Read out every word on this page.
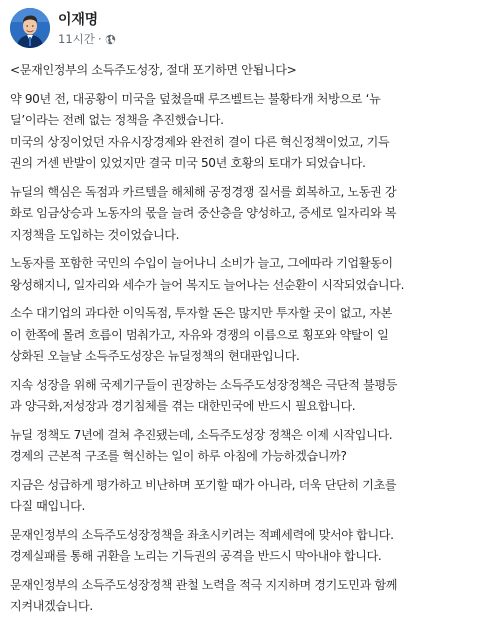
이재명
11시간 ·

<문재인정부의 소득주도성장, 절대 포기하면 안됩니다>

약 90년 전, 대공황이 미국을 덮쳤을때 루즈벨트는 불황타개 처방으로 ‘뉴
딜’이라는 전례 없는 정책을 추진했습니다.
미국의 상징이었던 자유시장경제와 완전히 결이 다른 혁신정책이었고, 기득
권의 거센 반발이 있었지만 결국 미국 50년 호황의 토대가 되었습니다.

뉴딜의 핵심은 독점과 카르텔을 해체해 공정경쟁 질서를 회복하고, 노동권 강
화로 임금상승과 노동자의 몫을 늘려 중산층을 양성하고, 증세로 일자리와 복
지정책을 도입하는 것이었습니다.

노동자를 포함한 국민의 수입이 늘어나니 소비가 늘고, 그에따라 기업활동이
왕성해지니, 일자리와 세수가 늘어 복지도 늘어나는 선순환이 시작되었습니다.

소수 대기업의 과다한 이익독점, 투자할 돈은 많지만 투자할 곳이 없고, 자본
이 한쪽에 몰려 흐름이 멈춰가고, 자유와 경쟁의 이름으로 횡포와 약탈이 일
상화된 오늘날 소득주도성장은 뉴딜정책의 현대판입니다.

지속 성장을 위해 국제기구들이 권장하는 소득주도성장정책은 극단적 불평등
과 양극화,저성장과 경기침체를 겪는 대한민국에 반드시 필요합니다.

뉴딜 정책도 7년에 걸쳐 추진됐는데, 소득주도성장 정책은 이제 시작입니다.
경제의 근본적 구조를 혁신하는 일이 하루 아침에 가능하겠습니까?

지금은 성급하게 평가하고 비난하며 포기할 때가 아니라, 더욱 단단히 기초를
다질 때입니다.

문재인정부의 소득주도성장정책을 좌초시키려는 적폐세력에 맞서야 합니다.
경제실패를 통해 귀환을 노리는 기득권의 공격을 반드시 막아내야 합니다.

문재인정부의 소득주도성장정책 관철 노력을 적극 지지하며 경기도민과 함께
지켜내겠습니다.
